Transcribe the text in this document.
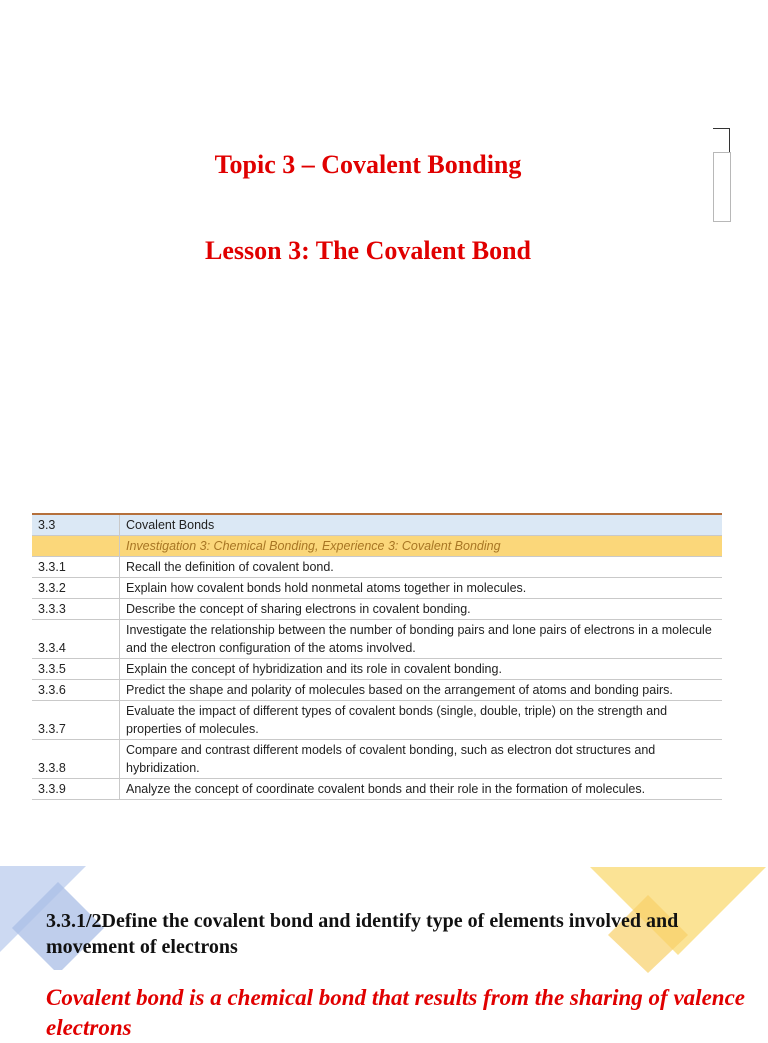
Topic 3 – Covalent Bonding
Lesson 3: The Covalent Bond
3.3	Covalent Bonds
	Investigation 3: Chemical Bonding, Experience 3: Covalent Bonding
3.3.1	Recall the definition of covalent bond.
3.3.2	Explain how covalent bonds hold nonmetal atoms together in molecules.
3.3.3	Describe the concept of sharing electrons in covalent bonding.
3.3.4	Investigate the relationship between the number of bonding pairs and lone pairs of electrons in a molecule and the electron configuration of the atoms involved.
3.3.5	Explain the concept of hybridization and its role in covalent bonding.
3.3.6	Predict the shape and polarity of molecules based on the arrangement of atoms and bonding pairs.
3.3.7	Evaluate the impact of different types of covalent bonds (single, double, triple) on the strength and properties of molecules.
3.3.8	Compare and contrast different models of covalent bonding, such as electron dot structures and hybridization.
3.3.9	Analyze the concept of coordinate covalent bonds and their role in the formation of molecules.
3.3.1/2Define the covalent bond and identify type of elements involved and movement of electrons
Covalent bond is a chemical bond that results from the sharing of valence electrons
